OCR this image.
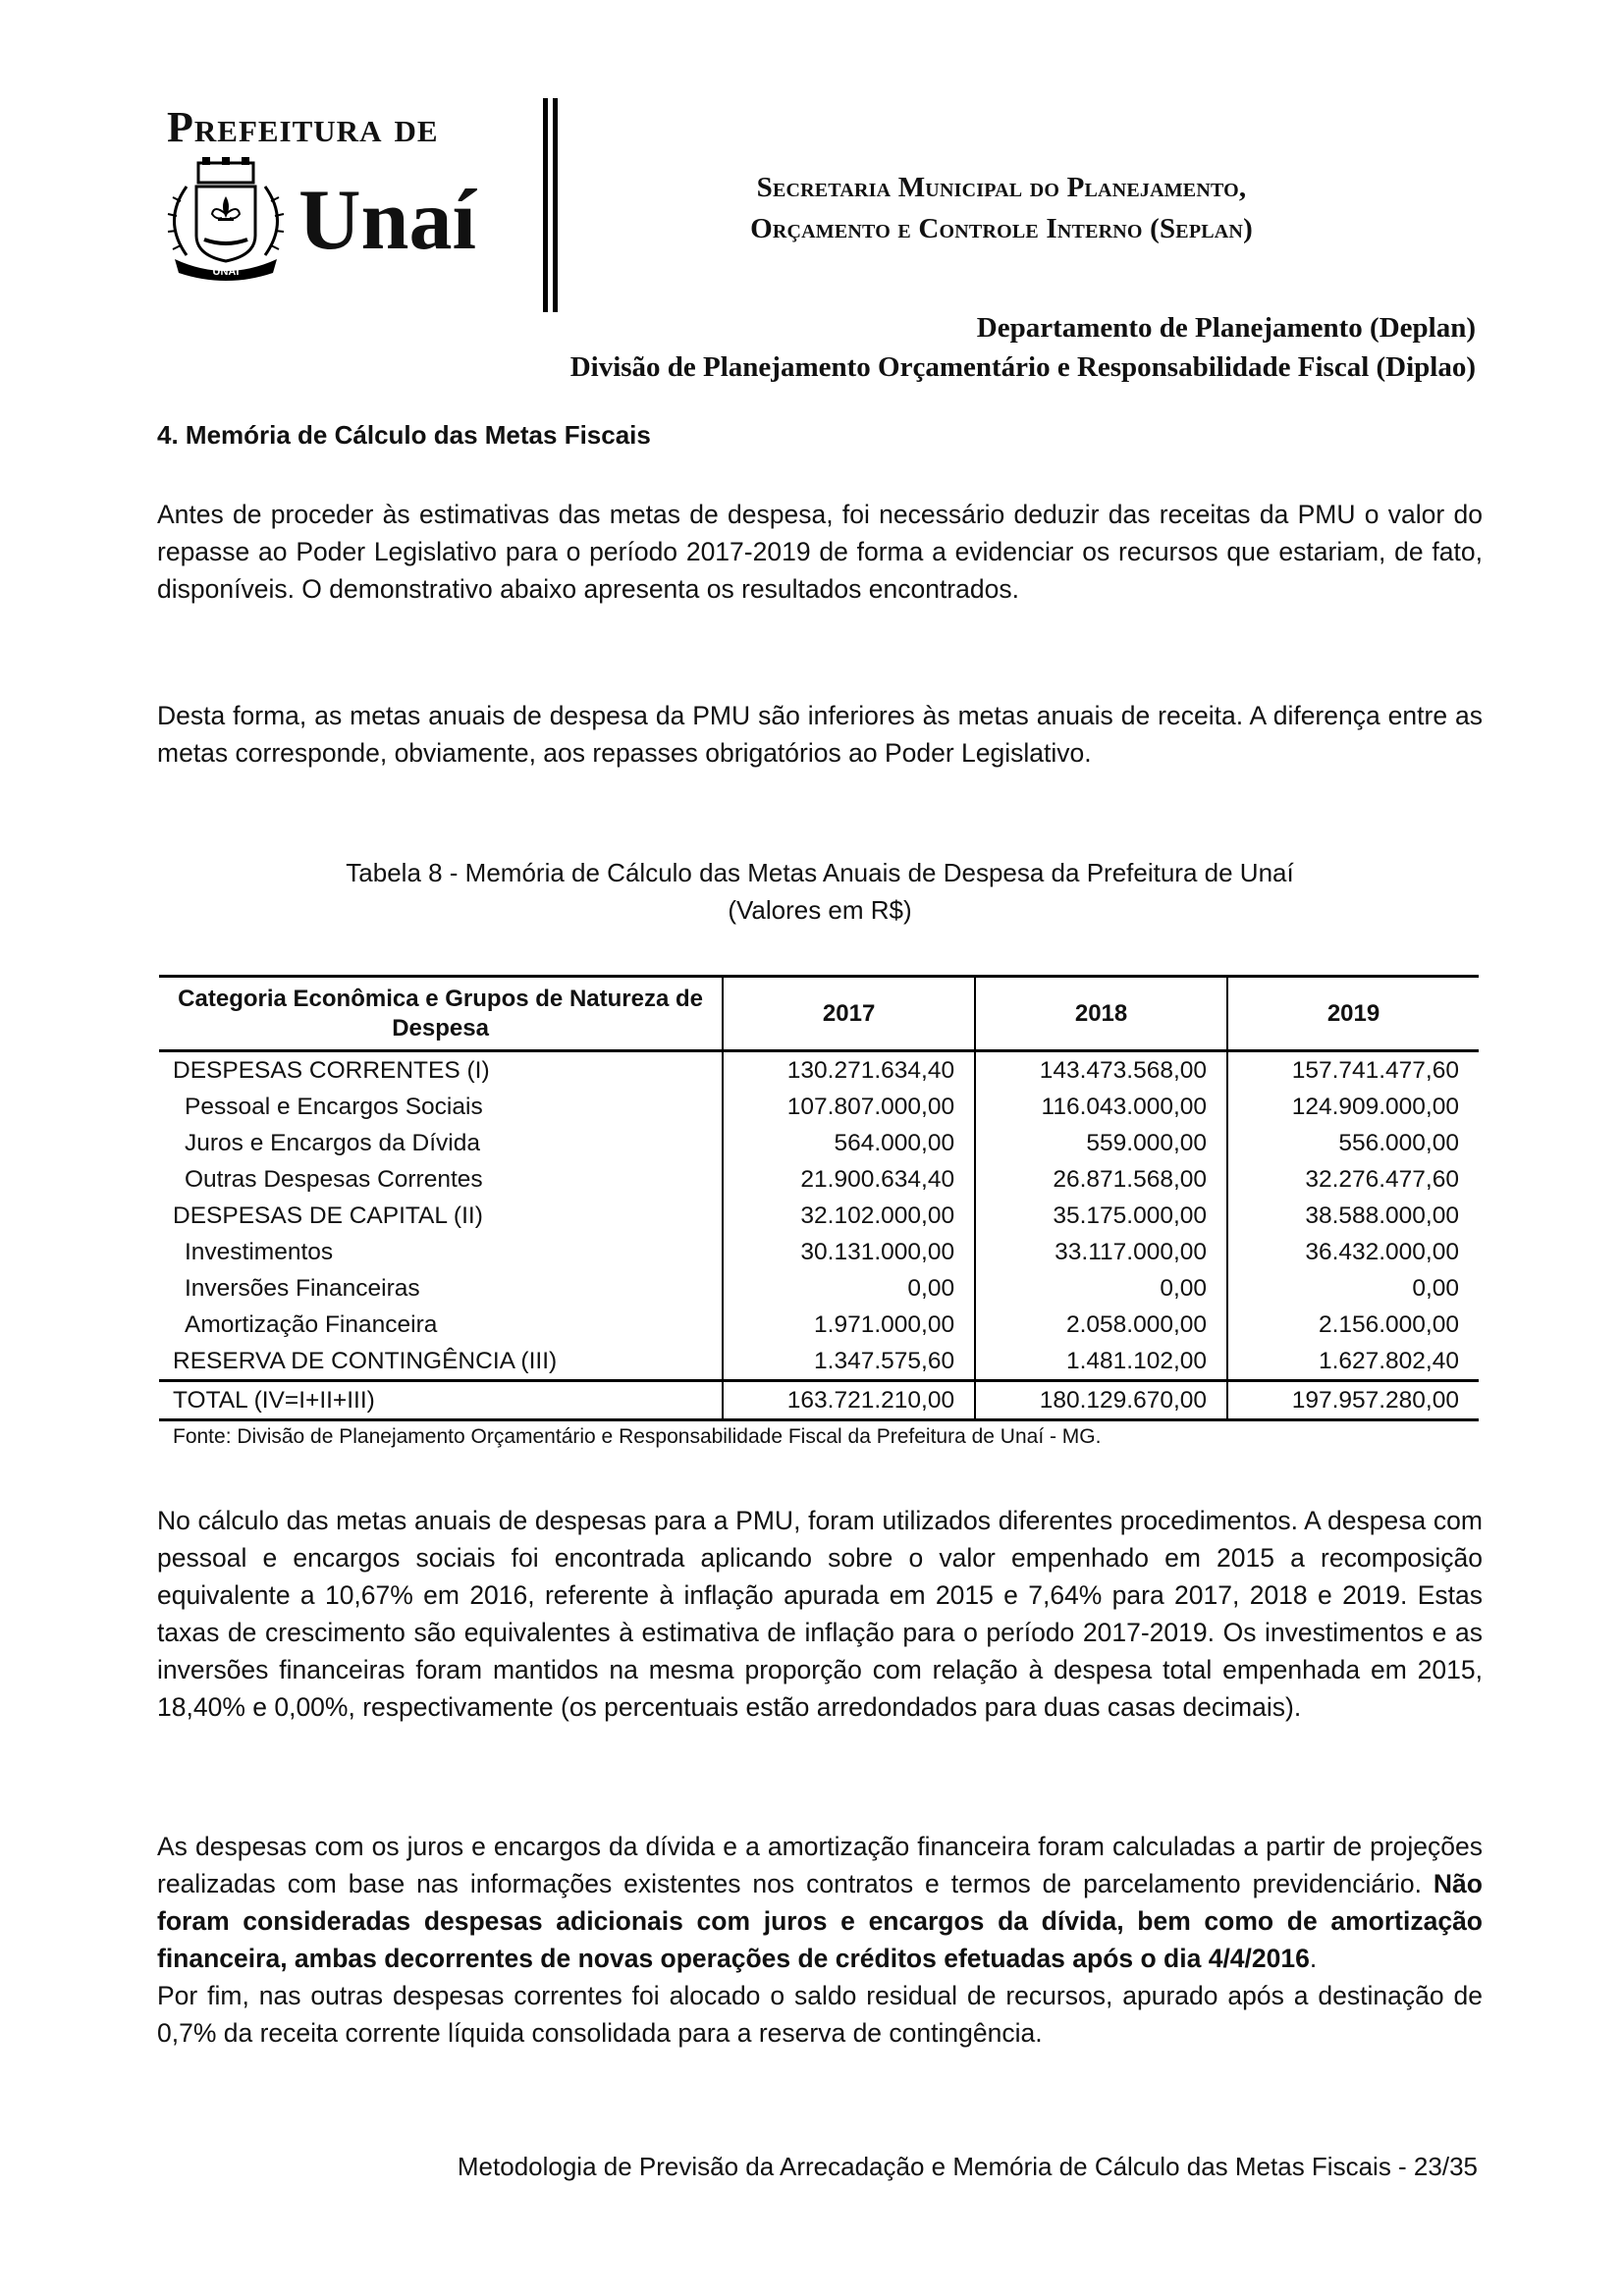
Prefeitura de
UNAÍ
Unaí	Secretaria Municipal do Planejamento,
Orçamento e Controle Interno (Seplan)
Departamento de Planejamento (Deplan)
Divisão de Planejamento Orçamentário e Responsabilidade Fiscal (Diplao)
4. Memória de Cálculo das Metas Fiscais

Antes de proceder às estimativas das metas de despesa, foi necessário deduzir das receitas da PMU o valor do repasse ao Poder Legislativo para o período 2017-2019 de forma a evidenciar os recursos que estariam, de fato, disponíveis. O demonstrativo abaixo apresenta os resultados encontrados.

Desta forma, as metas anuais de despesa da PMU são inferiores às metas anuais de receita. A diferença entre as metas corresponde, obviamente, aos repasses obrigatórios ao Poder Legislativo.

Tabela 8 - Memória de Cálculo das Metas Anuais de Despesa da Prefeitura de Unaí
(Valores em R$)
Categoria Econômica e Grupos de Natureza de Despesa	2017	2018	2019
DESPESAS CORRENTES (I)	130.271.634,40	143.473.568,00	157.741.477,60
Pessoal e Encargos Sociais	107.807.000,00	116.043.000,00	124.909.000,00
Juros e Encargos da Dívida	564.000,00	559.000,00	556.000,00
Outras Despesas Correntes	21.900.634,40	26.871.568,00	32.276.477,60
DESPESAS DE CAPITAL (II)	32.102.000,00	35.175.000,00	38.588.000,00
Investimentos	30.131.000,00	33.117.000,00	36.432.000,00
Inversões Financeiras	0,00	0,00	0,00
Amortização Financeira	1.971.000,00	2.058.000,00	2.156.000,00
RESERVA DE CONTINGÊNCIA (III)	1.347.575,60	1.481.102,00	1.627.802,40
TOTAL (IV=I+II+III)	163.721.210,00	180.129.670,00	197.957.280,00
Fonte: Divisão de Planejamento Orçamentário e Responsabilidade Fiscal da Prefeitura de Unaí - MG.

No cálculo das metas anuais de despesas para a PMU, foram utilizados diferentes procedimentos. A despesa com pessoal e encargos sociais foi encontrada aplicando sobre o valor empenhado em 2015 a recomposição equivalente a 10,67% em 2016, referente à inflação apurada em 2015 e 7,64% para 2017, 2018 e 2019. Estas taxas de crescimento são equivalentes à estimativa de inflação para o período 2017-2019. Os investimentos e as inversões financeiras foram mantidos na mesma proporção com relação à despesa total empenhada em 2015, 18,40% e 0,00%, respectivamente (os percentuais estão arredondados para duas casas decimais).

As despesas com os juros e encargos da dívida e a amortização financeira foram calculadas a partir de projeções realizadas com base nas informações existentes nos contratos e termos de parcelamento previdenciário. Não foram consideradas despesas adicionais com juros e encargos da dívida, bem como de amortização financeira, ambas decorrentes de novas operações de créditos efetuadas após o dia 4/4/2016.
Por fim, nas outras despesas correntes foi alocado o saldo residual de recursos, apurado após a destinação de 0,7% da receita corrente líquida consolidada para a reserva de contingência.
Metodologia de Previsão da Arrecadação e Memória de Cálculo das Metas Fiscais - 23/35
